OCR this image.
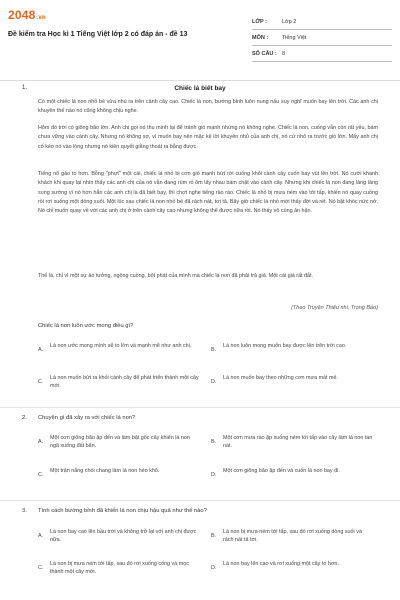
2048.vn
Đề kiểm tra Học kì 1 Tiếng Việt lớp 2 có đáp án - đề 13
LỚP :	Lớp 2
MÔN :	Tiếng Việt
SỐ CÂU : 8
1.	Chiếc lá biết bay
Có một chiếc lá non nhỏ bé vừa nhú ra trên cành cây cao. Chiếc lá non, bướng bỉnh luôn nung nấu suy nghĩ muốn bay lên trời. Các anh chị khuyên thế nào nó cũng không chịu nghe.
Hôm đó trời có giông bão lớn. Anh chị gọi nó thu mình lại để tránh gió mạnh nhưng nó không nghe. Chiếc lá non, cuống vẫn còn rất yếu, bám chưa vững vào cành cây. Nhưng nó không sợ, vì muốn bay nên mặc kệ lời khuyên nhủ của anh chị, nó cứ nhô ra trước gió lớn. Mấy anh chị cố kéo nó vào lòng nhưng nó kiên quyết giằng thoát ra bằng được.
Tiếng nổ gào to hơn. Bỗng "phựt" một cái, chiếc lá nhỏ bị cơn gió mạnh bứt rời cuống khỏi cành cây cuốn bay vút lên trời. Nó cười khanh khách khi quay lại nhìn thấy các anh chị của nó vẫn đang rùm ró ôm lấy nhau bám chặt vào cành cây. Nhưng khi chiếc lá non đang lâng lâng sung sướng vì nó hơn hẳn các anh chị là đã biết bay, thì chợt nghe tiếng rào rào. Chiếc lá nhỏ bị mưa ném vào tới tấp, khiến nó quay cuồng rồi rơi xuống một dòng suối. Một lúc sau chiếc lá non nhỏ bé đã rách nát, tơi tả. Bây giờ chiếc lá nhỏ mới thấy đời và rét. Nó bật khóc nức nở. Nó chỉ muốn quay về với các anh chị ở trên cành cây cao nhưng không thể được nữa rồi. Nó thấy vô cùng ân hận.
Thế là, chỉ vì một sự ảo tưởng, ngông cuồng, bột phát của mình mà chiếc lá non đã phải trả giá. Một cái giá rất đắt.
(Theo Truyện Thiếu nhi, Trọng Bảo)
Chiếc lá non luôn ước mong điều gì?
A.
Lá non ước mong mình sẽ to lớn và mạnh mẽ như anh chị.
B.
Lá non luôn mong muốn bay được lên trên trời cao.
C.
Lá non muốn bứt ra khỏi cành cây để phát triển thành một cây mới.
D.
Lá non muốn bay theo những cơn mưa mát mẻ.
2. Chuyện gì đã xảy ra với chiếc lá non?
A.
Một cơn giông bão ập đến và làm bật gốc cây khiến lá non ngã xuống đất bẩn.
B.
Một cơn mưa rào ập xuống ném tới tấp vào cây làm lá non tan nát.
C.
Một trận nắng chói chang làm lá non héo khô.
D.
Một cơn giông bão ập đến và cuốn lá non bay đi.
3. Tính cách bướng bỉnh đã khiến lá non chịu hậu quả như thế nào?
A.
Lá non bay cao lên bầu trời và không trở lại với anh chị được nữa.
B.
Lá non bị mưa ném tới tấp, sau đó rơi xuống dòng suối và rách nát tả tơi.
C.
Lá non bị mưa ném tới tấp, sau đó rơi xuống cống và mọc thành một cây mới.
D.
Lá non bay lên cao và rơi xuống một cây to hơn.
